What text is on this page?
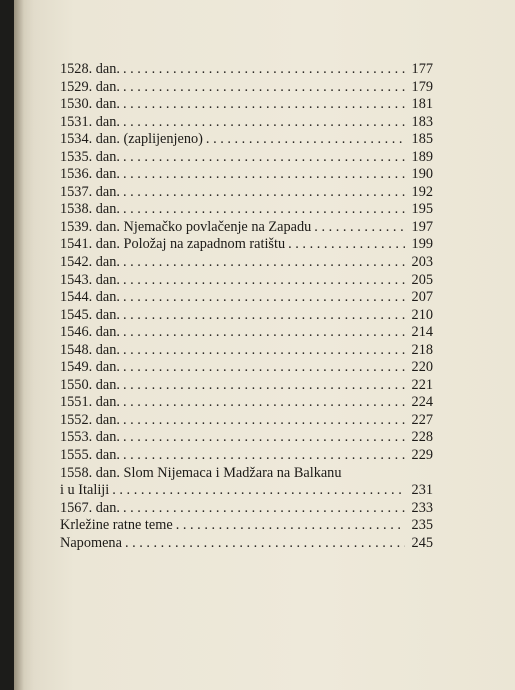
1528. dan. . . .	177
1529. dan. . . .	179
1530. dan. . . .	181
1531. dan. . . .	183
1534. dan. (zaplijenjeno) . . .	185
1535. dan. . . .	189
1536. dan. . . .	190
1537. dan. . . .	192
1538. dan. . . .	195
1539. dan. Njemačko povlačenje na Zapadu . . .	197
1541. dan. Položaj na zapadnom ratištu . . .	199
1542. dan. . . .	203
1543. dan. . . .	205
1544. dan. . . .	207
1545. dan. . . .	210
1546. dan. . . .	214
1548. dan. . . .	218
1549. dan. . . .	220
1550. dan. . . .	221
1551. dan. . . .	224
1552. dan. . . .	227
1553. dan. . . .	228
1555. dan. . . .	229
1558. dan. Slom Nijemaca i Madžara na Balkanu
i u Italiji . . .	231
1567. dan. . . .	233
Krležine ratne teme . . .	235
Napomena . . .	245
